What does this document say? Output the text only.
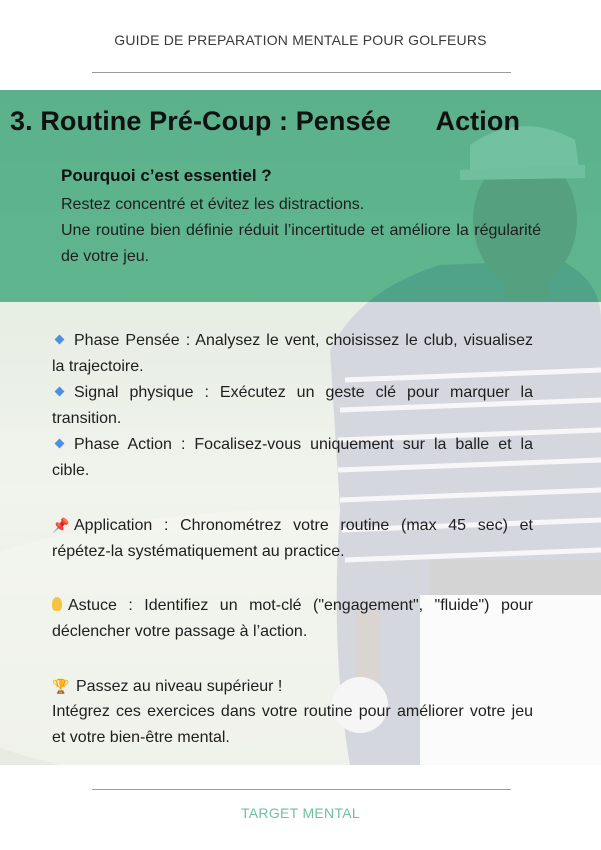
GUIDE DE PREPARATION MENTALE POUR GOLFEURS
3. Routine Pré-Coup : Pensée      Action
Pourquoi c’est essentiel ?
Restez concentré et évitez les distractions.
Une routine bien définie réduit l’incertitude et améliore la régularité de votre jeu.
Phase Pensée : Analysez le vent, choisissez le club, visualisez la trajectoire.
Signal physique : Exécutez un geste clé pour marquer la transition.
Phase Action : Focalisez-vous uniquement sur la balle et la cible.
📌 Application : Chronométrez votre routine (max 45 sec) et répétez-la systématiquement au practice.
Astuce : Identifiez un mot-clé ("engagement", "fluide") pour déclencher votre passage à l’action.
🏆 Passez au niveau supérieur !
Intégrez ces exercices dans votre routine pour améliorer votre jeu et votre bien-être mental.
TARGET MENTAL
